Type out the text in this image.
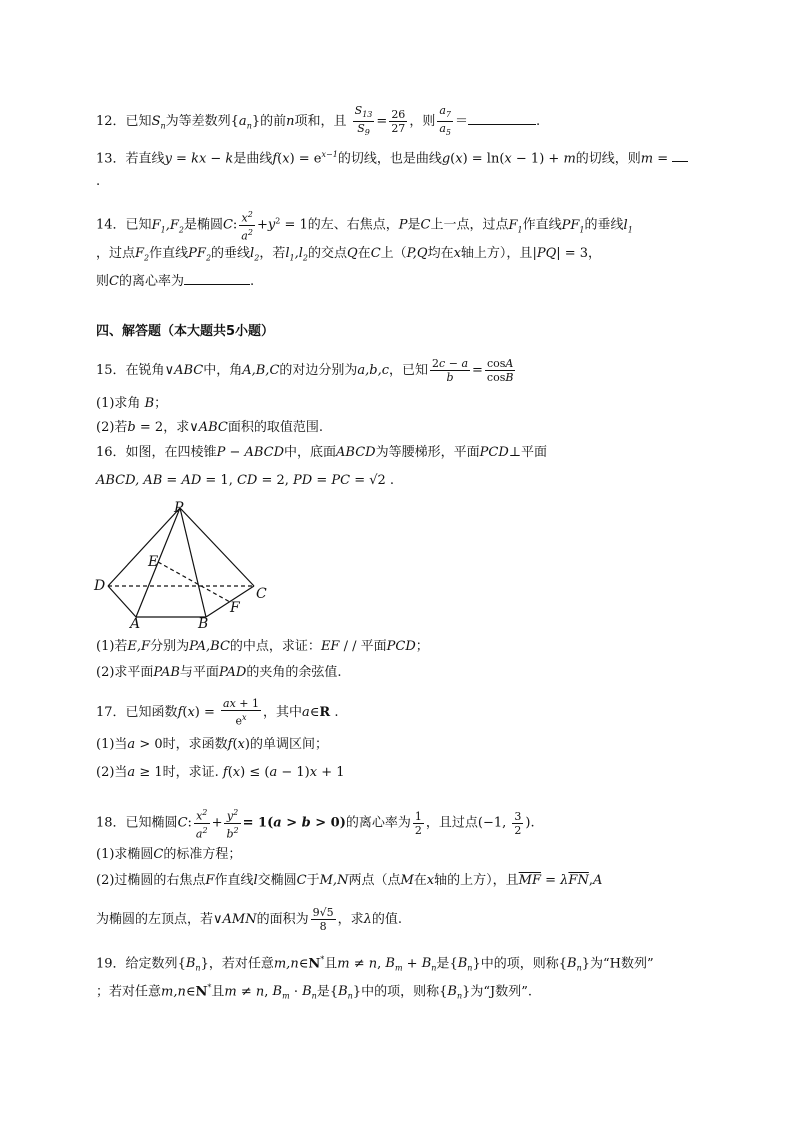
12．已知$S_n$为等差数列$\{a_n\}$的前n项和，且 $\frac{S_{13}}{S_9} = \frac{26}{27}$ ，则 $\frac{a_7}{a_5}$ ＝	.
13．若直线y = kx − k是曲线$f(x) = e^{x-1}$的切线，也是曲线g(x) = ln(x − 1) + m的切线，则m =
.
14．已知$F_1,F_2$是椭圆C: $\frac{x^2}{a^2} +y^2 = 1$的左、右焦点，P是C上一点，过点$F_1$作直线$PF_1$的垂线$l_1$
，过点$F_2$作直线$PF_2$的垂线$l_2$，若$l_1,l_2$的交点Q在C上（P,Q均在x轴上方），且|PQ| = 3，
则C的离心率为	.
四、解答题（本大题共5小题）
15．在锐角∨ABC中，角A,B,C的对边分别为a,b,c，已知 $\frac{2c - a}{b} = \frac{\cos A}{\cos B}$
(1)求角 B；
(2)若b = 2，求∨ABC面积的取值范围.
16．如图，在四棱锥P − ABCD中，底面ABCD为等腰梯形，平面PCD⊥平面
ABCD, AB = AD = 1, CD = 2, PD = PC = √2 .
P
D
E
C
F
A	B
(1)若E,F分别为PA,BC的中点，求证：EF / / 平面PCD；
(2)求平面PAB与平面PAD的夹角的余弦值.
17．已知函数$f(x) = \frac{ax + 1}{e^x}$ ，其中a∈R .
(1)当a > 0时，求函数f(x)的单调区间；
(2)当a ≥ 1时，求证. f(x) ≤ (a − 1)x + 1
18．已知椭圆C: $\frac{x^2}{a^2} + \frac{y^2}{b^2} = 1(a > b > 0)$的离心率为 $\frac{1}{2}$ ，且过点(−1, $\frac{3}{2}$ ).
(1)求椭圆C的标准方程；
(2)过椭圆的右焦点F作直线l交椭圆C于M,N两点（点M在x轴的上方），且$\overline{MF} = \lambda\overline{FN},A$
为椭圆的左顶点，若∨AMN的面积为 $\frac{9√5}{8}$ ，求λ的值.
19．给定数列$\{B_n\}$，若对任意m,n∈N*且m ≠ n, $B_m + B_n$是$\{B_n\}$中的项，则称$\{B_n\}$为“H数列”
；若对任意m,n∈N*且m ≠ n, $B_m \cdot B_n$是$\{B_n\}$中的项，则称$\{B_n\}$为“J数列”.
